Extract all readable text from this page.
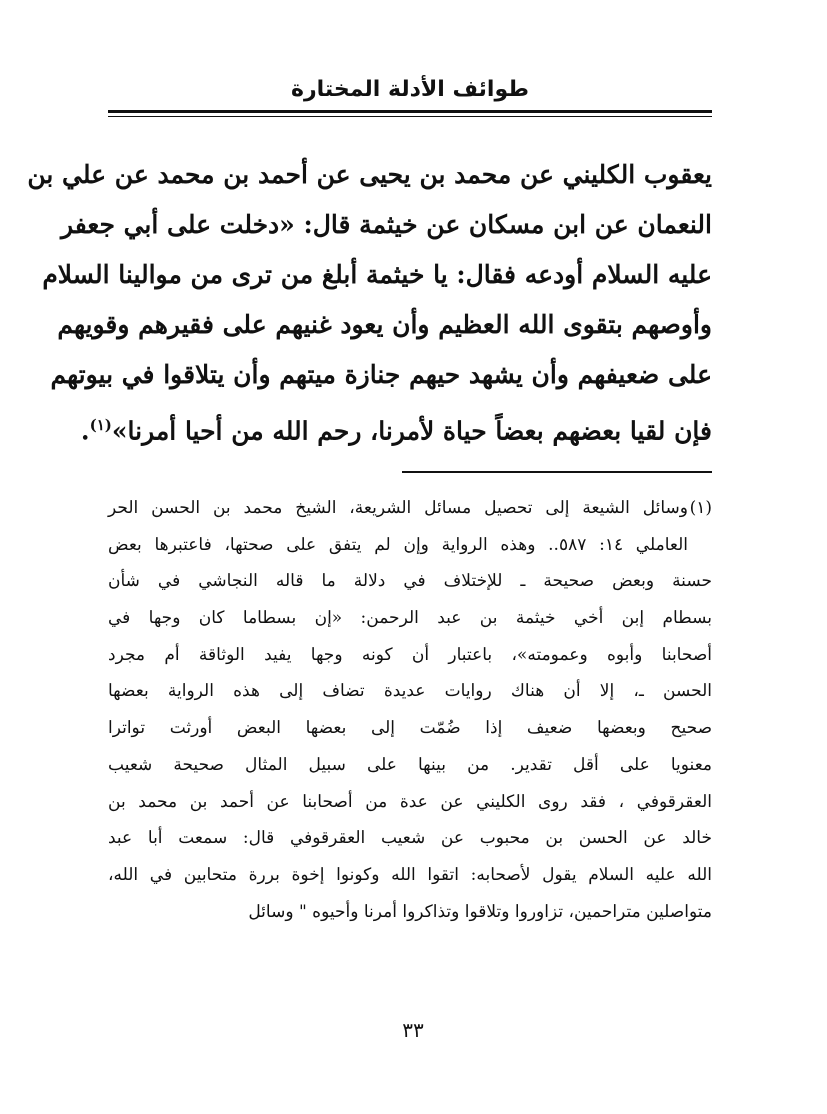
طوائف الأدلة المختارة
يعقوب الكليني عن محمد بن يحيى عن أحمد بن محمد عن علي بن
النعمان عن ابن مسكان عن خيثمة قال: «دخلت على أبي جعفر
عليه السلام أودعه فقال: يا خيثمة أبلغ من ترى من موالينا السلام
وأوصهم بتقوى الله العظيم وأن يعود غنيهم على فقيرهم وقويهم
على ضعيفهم وأن يشهد حيهم جنازة ميتهم وأن يتلاقوا في بيوتهم
فإن لقيا بعضهم بعضاً حياة لأمرنا، رحم الله من أحيا أمرنا»$^{(١)}$.
(١)وسائل الشيعة إلى تحصيل مسائل الشريعة، الشيخ محمد بن الحسن الحر
العاملي ١٤: ٥٨٧.. وهذه الرواية وإن لم يتفق على صحتها، فاعتبرها بعض
حسنة وبعض صحيحة ـ للإختلاف في دلالة ما قاله النجاشي في شأن
بسطام إبن أخي خيثمة بن عبد الرحمن: «إن بسطاما كان وجها في
أصحابنا وأبوه وعمومته»، باعتبار أن كونه وجها يفيد الوثاقة أم مجرد
الحسن ـ، إلا أن هناك روايات عديدة تضاف إلى هذه الرواية بعضها
صحيح وبعضها ضعيف إذا ضُمّت إلى بعضها البعض أورثت تواترا
معنويا على أقل تقدير. من بينها على سبيل المثال صحيحة شعيب
العقرقوفي ، فقد روى الكليني عن عدة من أصحابنا عن أحمد بن محمد بن
خالد عن الحسن بن محبوب عن شعيب العقرقوفي قال: سمعت أبا عبد
الله عليه السلام يقول لأصحابه: اتقوا الله وكونوا إخوة بررة متحابين في الله،
متواصلين متراحمين، تزاوروا وتلاقوا وتذاكروا أمرنا وأحيوه " وسائل
٣٣
